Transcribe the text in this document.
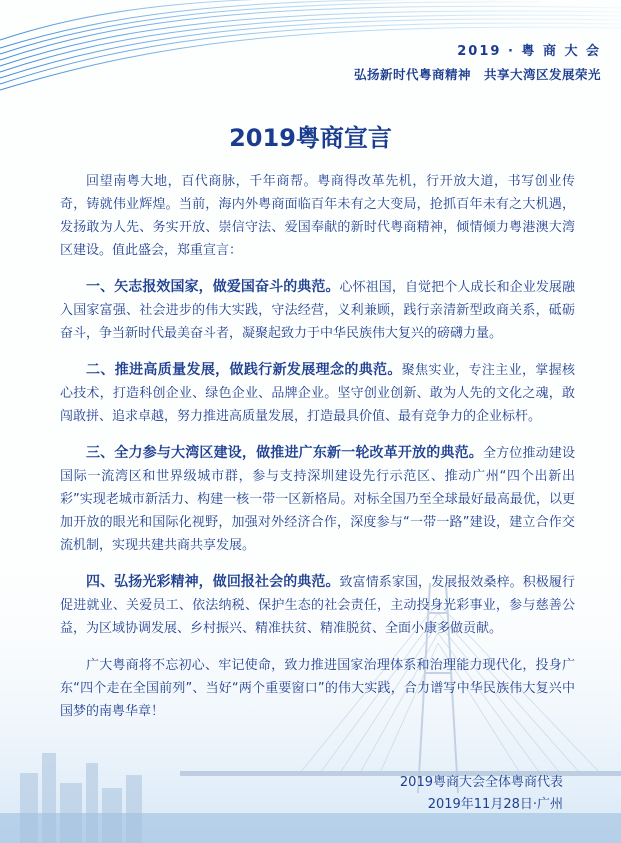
2019 · 粤 商 大 会
弘扬新时代粤商精神　共享大湾区发展荣光
2019粤商宣言

回望南粤大地，百代商脉，千年商帮。粤商得改革先机，行开放大道，书写创业传奇，铸就伟业辉煌。当前，海内外粤商面临百年未有之大变局，抢抓百年未有之大机遇，发扬敢为人先、务实开放、崇信守法、爱国奉献的新时代粤商精神，倾情倾力粤港澳大湾区建设。值此盛会，郑重宣言：

一、矢志报效国家，做爱国奋斗的典范。心怀祖国，自觉把个人成长和企业发展融入国家富强、社会进步的伟大实践，守法经营，义利兼顾，践行亲清新型政商关系，砥砺奋斗，争当新时代最美奋斗者，凝聚起致力于中华民族伟大复兴的磅礴力量。

二、推进高质量发展，做践行新发展理念的典范。聚焦实业，专注主业，掌握核心技术，打造科创企业、绿色企业、品牌企业。坚守创业创新、敢为人先的文化之魂，敢闯敢拼、追求卓越，努力推进高质量发展，打造最具价值、最有竞争力的企业标杆。

三、全力参与大湾区建设，做推进广东新一轮改革开放的典范。全方位推动建设国际一流湾区和世界级城市群，参与支持深圳建设先行示范区、推动广州“四个出新出彩”实现老城市新活力、构建一核一带一区新格局。对标全国乃至全球最好最高最优，以更加开放的眼光和国际化视野，加强对外经济合作，深度参与“一带一路”建设，建立合作交流机制，实现共建共商共享发展。

四、弘扬光彩精神，做回报社会的典范。致富情系家国，发展报效桑梓。积极履行促进就业、关爱员工、依法纳税、保护生态的社会责任，主动投身光彩事业，参与慈善公益，为区域协调发展、乡村振兴、精准扶贫、精准脱贫、全面小康多做贡献。

广大粤商将不忘初心、牢记使命，致力推进国家治理体系和治理能力现代化，投身广东“四个走在全国前列”、当好“两个重要窗口”的伟大实践，合力谱写中华民族伟大复兴中国梦的南粤华章！

2019粤商大会全体粤商代表
2019年11月28日·广州
